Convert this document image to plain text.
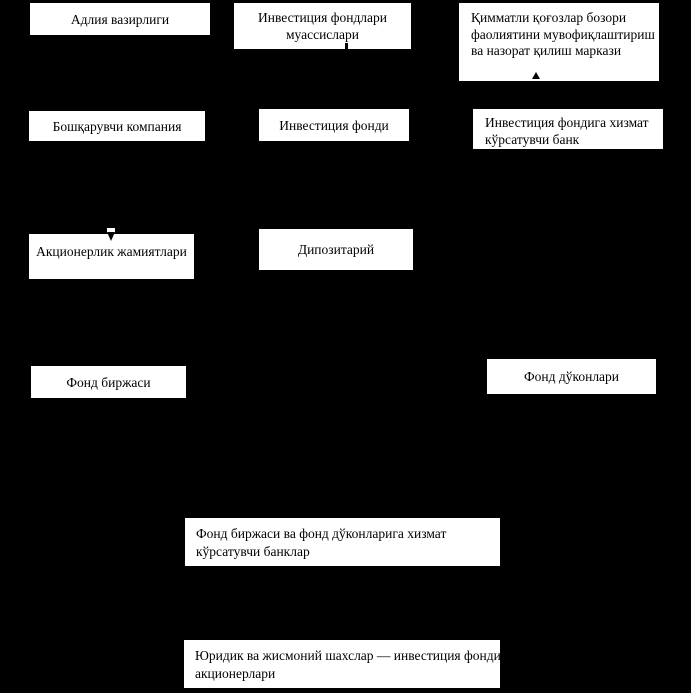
Адлия вазирлиги	Инвестиция фондлари
муассислари
Қимматли қоғозлар бозори
фаолиятини мувофиқлаштириш
ва назорат қилиш маркази
Бошқарувчи компания	Инвестиция фонди	Инвестиция фондига хизмат
кўрсатувчи банк
Акционерлик жамиятлари	Дипозитарий
Фонд биржаси	Фонд дўконлари
Фонд биржаси ва фонд дўконларига хизмат
кўрсатувчи банклар
Юридик ва жисмоний шахслар — инвестиция фонди
акционерлари
